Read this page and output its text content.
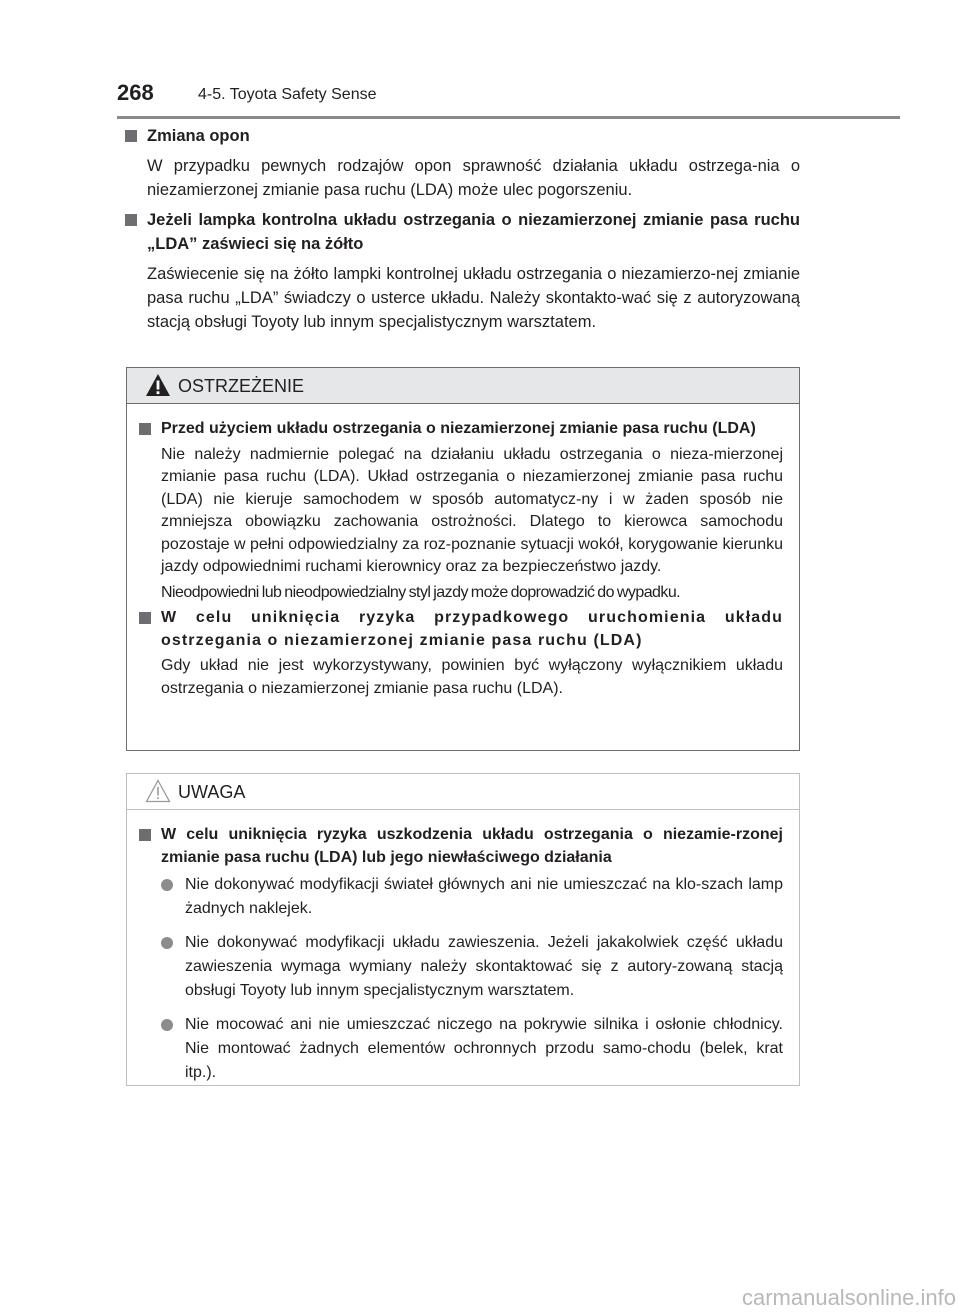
268	4-5. Toyota Safety Sense
Zmiana opon

W przypadku pewnych rodzajów opon sprawność działania układu ostrzega-nia o niezamierzonej zmianie pasa ruchu (LDA) może ulec pogorszeniu.

Jeżeli lampka kontrolna układu ostrzegania o niezamierzonej zmianie pasa ruchu „LDA” zaświeci się na żółto

Zaświecenie się na żółto lampki kontrolnej układu ostrzegania o niezamierzo-nej zmianie pasa ruchu „LDA” świadczy o usterce układu. Należy skontakto-wać się z autoryzowaną stacją obsługi Toyoty lub innym specjalistycznym warsztatem.

OSTRZEŻENIE
Przed użyciem układu ostrzegania o niezamierzonej zmianie pasa ruchu (LDA)

Nie należy nadmiernie polegać na działaniu układu ostrzegania o nieza-mierzonej zmianie pasa ruchu (LDA). Układ ostrzegania o niezamierzonej zmianie pasa ruchu (LDA) nie kieruje samochodem w sposób automatycz-ny i w żaden sposób nie zmniejsza obowiązku zachowania ostrożności. Dlatego to kierowca samochodu pozostaje w pełni odpowiedzialny za roz-poznanie sytuacji wokół, korygowanie kierunku jazdy odpowiednimi ruchami kierownicy oraz za bezpieczeństwo jazdy.

Nieodpowiedni lub nieodpowiedzialny styl jazdy może doprowadzić do wypadku.

W celu uniknięcia ryzyka przypadkowego uruchomienia układu ostrzegania o niezamierzonej zmianie pasa ruchu (LDA)

Gdy układ nie jest wykorzystywany, powinien być wyłączony wyłącznikiem układu ostrzegania o niezamierzonej zmianie pasa ruchu (LDA).

UWAGA
W celu uniknięcia ryzyka uszkodzenia układu ostrzegania o niezamie-rzonej zmianie pasa ruchu (LDA) lub jego niewłaściwego działania
Nie dokonywać modyfikacji świateł głównych ani nie umieszczać na klo-szach lamp żadnych naklejek.
Nie dokonywać modyfikacji układu zawieszenia. Jeżeli jakakolwiek część układu zawieszenia wymaga wymiany należy skontaktować się z autory-zowaną stacją obsługi Toyoty lub innym specjalistycznym warsztatem.
Nie mocować ani nie umieszczać niczego na pokrywie silnika i osłonie chłodnicy. Nie montować żadnych elementów ochronnych przodu samo-chodu (belek, krat itp.).
carmanualsonline.info
